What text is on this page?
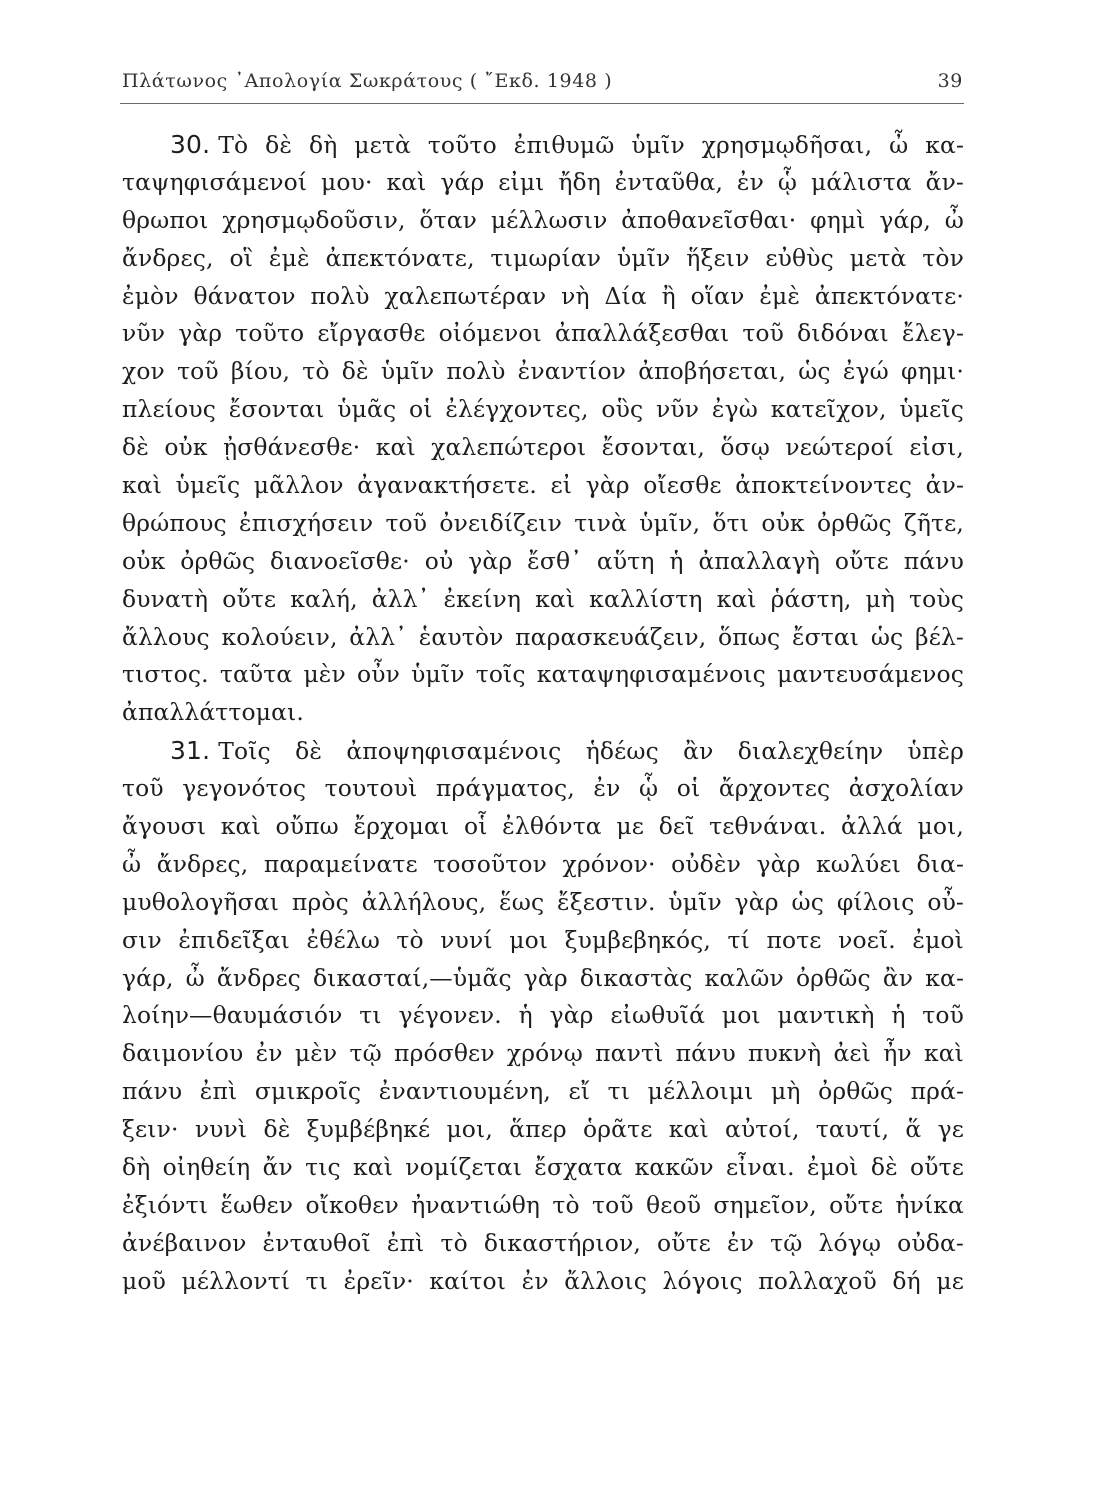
Πλάτωνος ᾿Απολογία Σωκράτους ( ῎Εκδ. 1948 )	39
30. Τὸ δὲ δὴ μετὰ τοῦτο ἐπιθυμῶ ὑμῖν χρησμῳδῆσαι, ὦ κα-
ταψηφισάμενοί μου· καὶ γάρ εἰμι ἤδη ἐνταῦθα, ἐν ᾧ μάλιστα ἄν-
θρωποι χρησμῳδοῦσιν, ὅταν μέλλωσιν ἀποθανεῖσθαι· φημὶ γάρ, ὦ
ἄνδρες, οἳ ἐμὲ ἀπεκτόνατε, τιμωρίαν ὑμῖν ἥξειν εὐθὺς μετὰ τὸν
ἐμὸν θάνατον πολὺ χαλεπωτέραν νὴ Δία ἢ οἵαν ἐμὲ ἀπεκτόνατε·
νῦν γὰρ τοῦτο εἴργασθε οἰόμενοι ἀπαλλάξεσθαι τοῦ διδόναι ἔλεγ-
χον τοῦ βίου, τὸ δὲ ὑμῖν πολὺ ἐναντίον ἀποβήσεται, ὡς ἐγώ φημι·
πλείους ἔσονται ὑμᾶς οἱ ἐλέγχοντες, οὓς νῦν ἐγὼ κατεῖχον, ὑμεῖς
δὲ οὐκ ᾐσθάνεσθε· καὶ χαλεπώτεροι ἔσονται, ὅσῳ νεώτεροί εἰσι,
καὶ ὑμεῖς μᾶλλον ἀγανακτήσετε. εἰ γὰρ οἴεσθε ἀποκτείνοντες ἀν-
θρώπους ἐπισχήσειν τοῦ ὀνειδίζειν τινὰ ὑμῖν, ὅτι οὐκ ὀρθῶς ζῆτε,
οὐκ ὀρθῶς διανοεῖσθε· οὐ γὰρ ἔσθ᾽ αὕτη ἡ ἀπαλλαγὴ οὔτε πάνυ
δυνατὴ οὔτε καλή, ἀλλ᾽ ἐκείνη καὶ καλλίστη καὶ ῥάστη, μὴ τοὺς
ἄλλους κολούειν, ἀλλ᾽ ἑαυτὸν παρασκευάζειν, ὅπως ἔσται ὡς βέλ-
τιστος. ταῦτα μὲν οὖν ὑμῖν τοῖς καταψηφισαμένοις μαντευσάμενος
ἀπαλλάττομαι.
31. Τοῖς δὲ ἀποψηφισαμένοις ἡδέως ἂν διαλεχθείην ὑπὲρ
τοῦ γεγονότος τουτουὶ πράγματος, ἐν ᾧ οἱ ἄρχοντες ἀσχολίαν
ἄγουσι καὶ οὔπω ἔρχομαι οἷ ἐλθόντα με δεῖ τεθνάναι. ἀλλά μοι,
ὦ ἄνδρες, παραμείνατε τοσοῦτον χρόνον· οὐδὲν γὰρ κωλύει δια-
μυθολογῆσαι πρὸς ἀλλήλους, ἕως ἔξεστιν. ὑμῖν γὰρ ὡς φίλοις οὖ-
σιν ἐπιδεῖξαι ἐθέλω τὸ νυνί μοι ξυμβεβηκός, τί ποτε νοεῖ. ἐμοὶ
γάρ, ὦ ἄνδρες δικασταί,—ὑμᾶς γὰρ δικαστὰς καλῶν ὀρθῶς ἂν κα-
λοίην—θαυμάσιόν τι γέγονεν. ἡ γὰρ εἰωθυῖά μοι μαντικὴ ἡ τοῦ
δαιμονίου ἐν μὲν τῷ πρόσθεν χρόνῳ παντὶ πάνυ πυκνὴ ἀεὶ ἦν καὶ
πάνυ ἐπὶ σμικροῖς ἐναντιουμένη, εἴ τι μέλλοιμι μὴ ὀρθῶς πρά-
ξειν· νυνὶ δὲ ξυμβέβηκέ μοι, ἅπερ ὁρᾶτε καὶ αὐτοί, ταυτί, ἅ γε
δὴ οἰηθείη ἄν τις καὶ νομίζεται ἔσχατα κακῶν εἶναι. ἐμοὶ δὲ οὔτε
ἐξιόντι ἕωθεν οἴκοθεν ἠναντιώθη τὸ τοῦ θεοῦ σημεῖον, οὔτε ἡνίκα
ἀνέβαινον ἐνταυθοῖ ἐπὶ τὸ δικαστήριον, οὔτε ἐν τῷ λόγῳ οὐδα-
μοῦ μέλλοντί τι ἐρεῖν· καίτοι ἐν ἄλλοις λόγοις πολλαχοῦ δή με
